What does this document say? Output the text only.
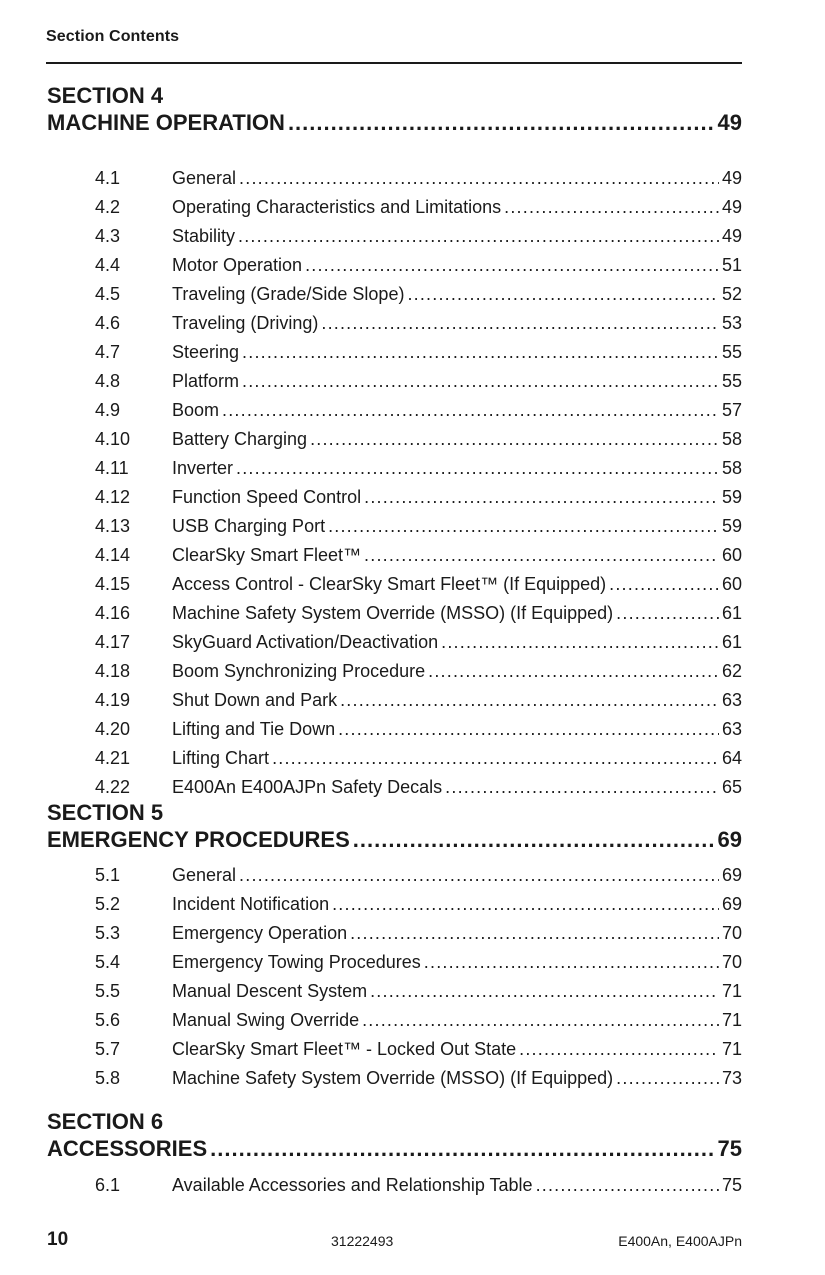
Section Contents
SECTION 4
MACHINE OPERATION .....	49
4.1	General .....	49
4.2	Operating Characteristics and Limitations .....	49
4.3	Stability .....	49
4.4	Motor Operation .....	51
4.5	Traveling (Grade/Side Slope) .....	52
4.6	Traveling (Driving) .....	53
4.7	Steering .....	55
4.8	Platform .....	55
4.9	Boom .....	57
4.10	Battery Charging .....	58
4.11	Inverter .....	58
4.12	Function Speed Control .....	59
4.13	USB Charging Port .....	59
4.14	ClearSky Smart Fleet™ .....	60
4.15	Access Control - ClearSky Smart Fleet™ (If Equipped) .....	60
4.16	Machine Safety System Override (MSSO) (If Equipped) .....	61
4.17	SkyGuard Activation/Deactivation .....	61
4.18	Boom Synchronizing Procedure .....	62
4.19	Shut Down and Park .....	63
4.20	Lifting and Tie Down .....	63
4.21	Lifting Chart .....	64
4.22	E400An E400AJPn Safety Decals .....	65
SECTION 5
EMERGENCY PROCEDURES .....	69
5.1	General .....	69
5.2	Incident Notification .....	69
5.3	Emergency Operation .....	70
5.4	Emergency Towing Procedures .....	70
5.5	Manual Descent System .....	71
5.6	Manual Swing Override .....	71
5.7	ClearSky Smart Fleet™ - Locked Out State .....	71
5.8	Machine Safety System Override (MSSO) (If Equipped) .....	73
SECTION 6
ACCESSORIES .....	75
6.1	Available Accessories and Relationship Table .....	75
10	31222493	E400An, E400AJPn
